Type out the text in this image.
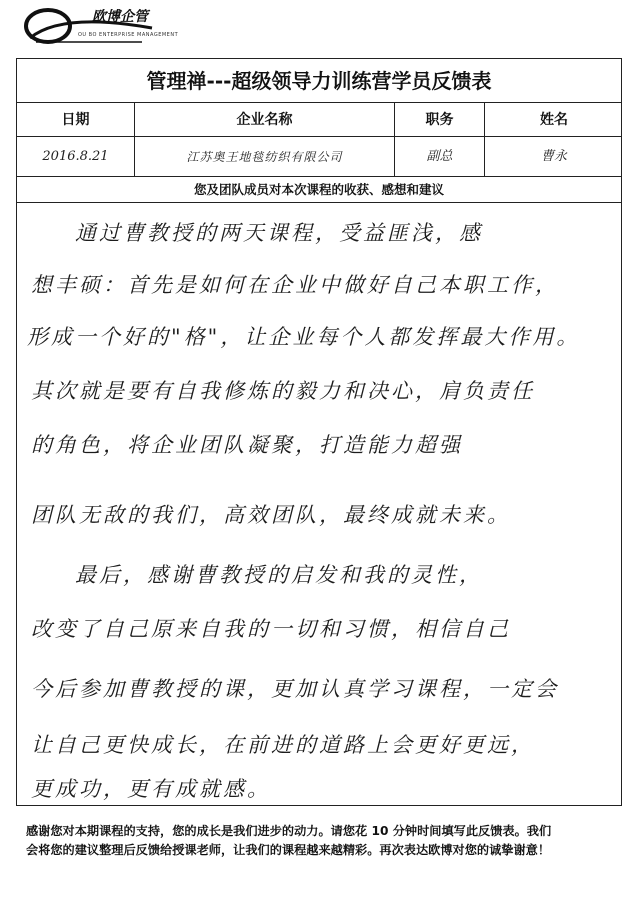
欧博企管
OU BO ENTERPRISE MANAGEMENT
管理禅---超级领导力训练营学员反馈表
日期	企业名称	职务	姓名
2016.8.21	江苏奥王地毯纺织有限公司	副总	曹永
您及团队成员对本次课程的收获、感想和建议
通过曹教授的两天课程，受益匪浅，感
想丰硕：首先是如何在企业中做好自己本职工作，
形成一个好的"格"，让企业每个人都发挥最大作用。
其次就是要有自我修炼的毅力和决心，肩负责任
的角色，将企业团队凝聚，打造能力超强
团队无敌的我们，高效团队，最终成就未来。
最后，感谢曹教授的启发和我的灵性，
改变了自己原来自我的一切和习惯，相信自己
今后参加曹教授的课，更加认真学习课程，一定会
让自己更快成长，在前进的道路上会更好更远，
更成功，更有成就感。
感谢您对本期课程的支持，您的成长是我们进步的动力。请您花 10 分钟时间填写此反馈表。我们
会将您的建议整理后反馈给授课老师，让我们的课程越来越精彩。再次表达欧博对您的诚挚谢意！
